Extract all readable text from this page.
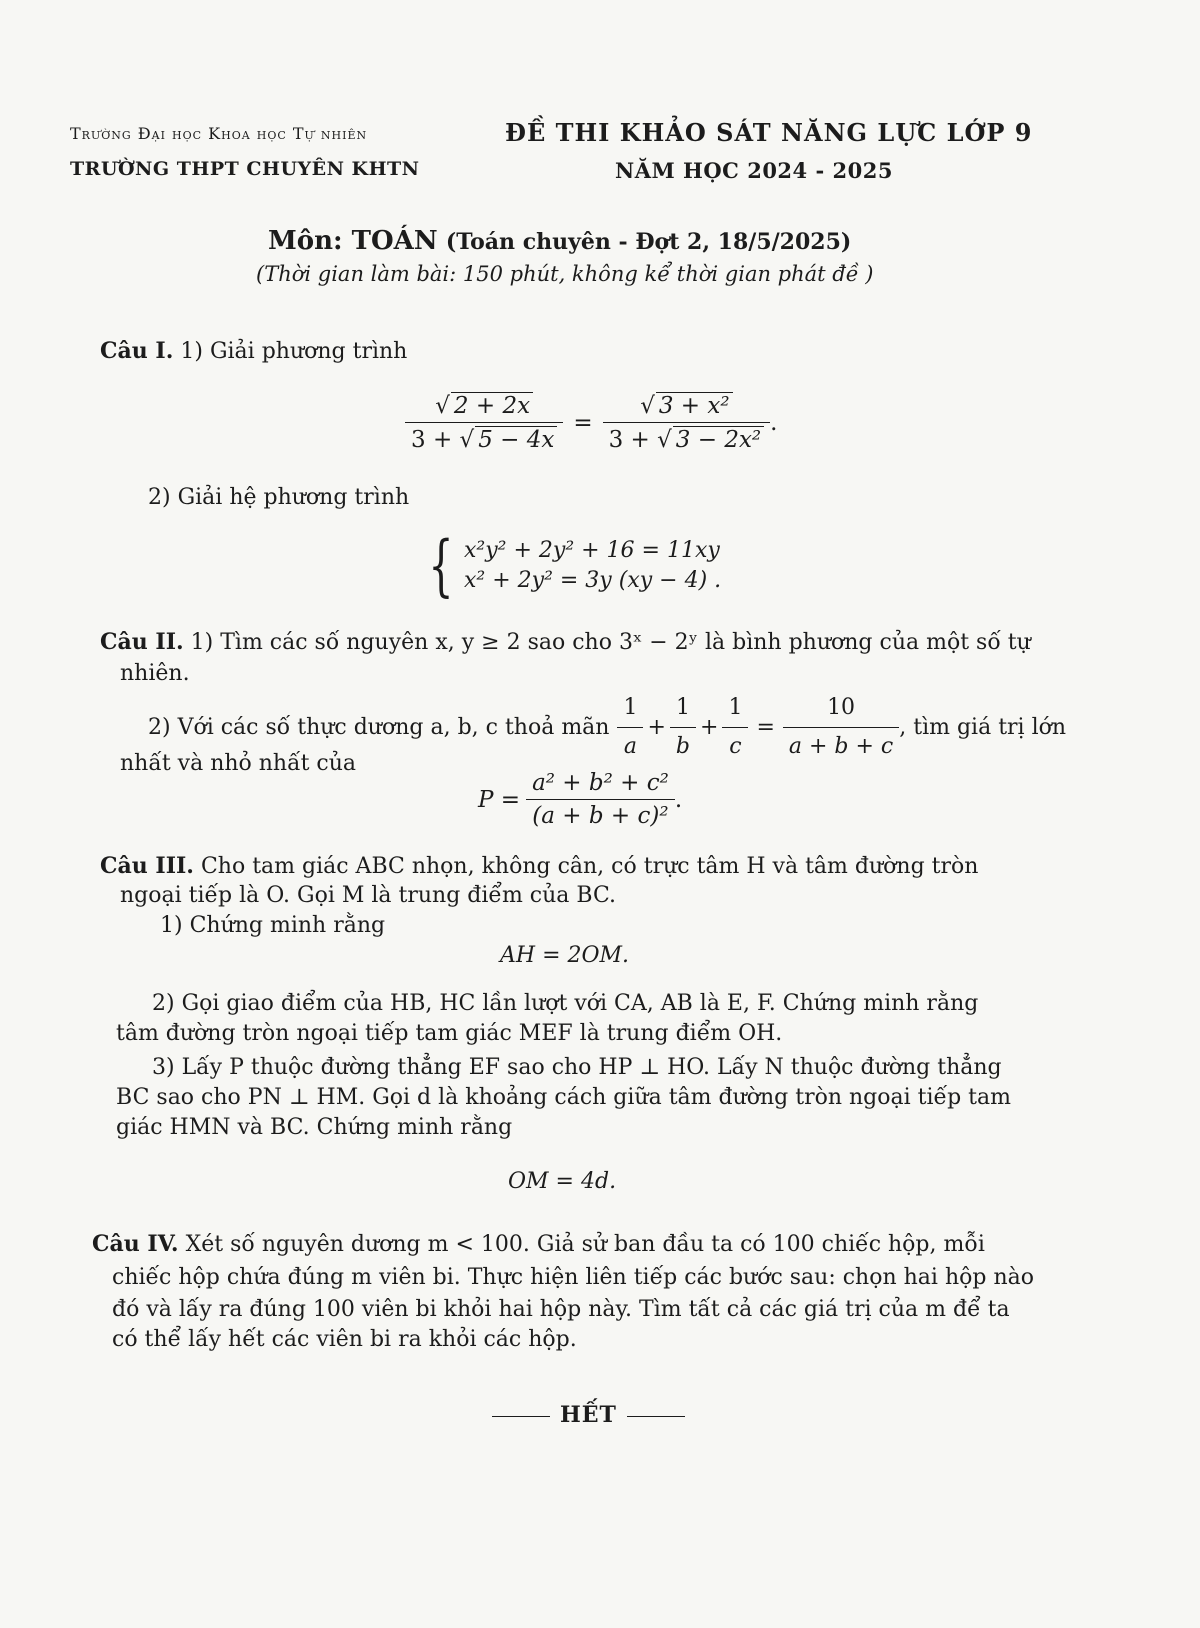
Trường Đại học Khoa học Tự nhiên
TRƯỜNG THPT CHUYÊN KHTN
ĐỀ THI KHẢO SÁT NĂNG LỰC LỚP 9
NĂM HỌC 2024 - 2025
Môn: TOÁN (Toán chuyên - Đợt 2, 18/5/2025)
(Thời gian làm bài: 150 phút, không kể thời gian phát đề )
Câu I. 1) Giải phương trình
$\frac{√ 2 + 2x}{3 + √ 5 - 4x} = \frac{\text{√ 3 + x²}}{\text{3 + √ 3 − 2x²}}$ .
2) Giải hệ phương trình
{ x²y² + 2y² + 16 = 11xy
x² + 2y² = 3y (xy − 4) .
Câu II. 1) Tìm các số nguyên x, y ≥ 2 sao cho 3ˣ − 2ʸ là bình phương của một số tự
nhiên.
2) Với các số thực dương a, b, c thoả mãn $\frac{1}{a} + \frac{1}{b} + \frac{1}{c} = \frac{10}{a + b + c}$ , tìm giá trị lớn
nhất và nhỏ nhất của
$P = \frac{\text{a² + b² + c²}}{\text{(a + b + c)²}}$ .
Câu III. Cho tam giác ABC nhọn, không cân, có trực tâm H và tâm đường tròn
ngoại tiếp là O. Gọi M là trung điểm của BC.
1) Chứng minh rằng
AH = 2OM.
2) Gọi giao điểm của HB, HC lần lượt với CA, AB là E, F. Chứng minh rằng
tâm đường tròn ngoại tiếp tam giác MEF là trung điểm OH.
3) Lấy P thuộc đường thẳng EF sao cho HP ⊥ HO. Lấy N thuộc đường thẳng
BC sao cho PN ⊥ HM. Gọi d là khoảng cách giữa tâm đường tròn ngoại tiếp tam
giác HMN và BC. Chứng minh rằng
OM = 4d.
Câu IV. Xét số nguyên dương m < 100. Giả sử ban đầu ta có 100 chiếc hộp, mỗi
chiếc hộp chứa đúng m viên bi. Thực hiện liên tiếp các bước sau: chọn hai hộp nào
đó và lấy ra đúng 100 viên bi khỏi hai hộp này. Tìm tất cả các giá trị của m để ta
có thể lấy hết các viên bi ra khỏi các hộp.
HẾT
